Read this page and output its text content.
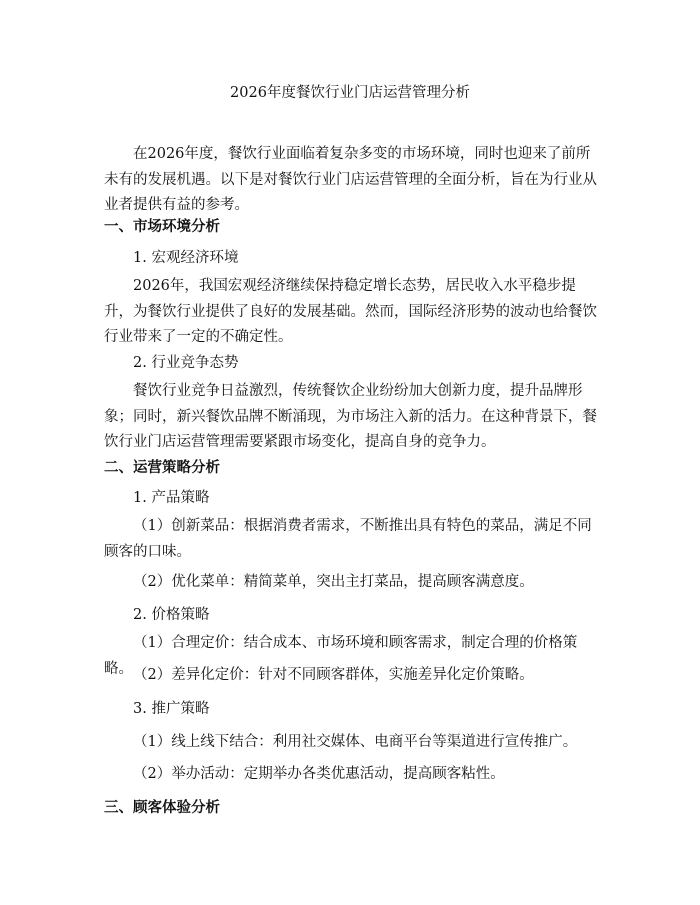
2026年度餐饮行业门店运营管理分析

在2026年度，餐饮行业面临着复杂多变的市场环境，同时也迎来了前所未有的发展机遇。以下是对餐饮行业门店运营管理的全面分析，旨在为行业从业者提供有益的参考。

一、市场环境分析
1. 宏观经济环境

2026年，我国宏观经济继续保持稳定增长态势，居民收入水平稳步提升，为餐饮行业提供了良好的发展基础。然而，国际经济形势的波动也给餐饮行业带来了一定的不确定性。

2. 行业竞争态势

餐饮行业竞争日益激烈，传统餐饮企业纷纷加大创新力度，提升品牌形象；同时，新兴餐饮品牌不断涌现，为市场注入新的活力。在这种背景下，餐饮行业门店运营管理需要紧跟市场变化，提高自身的竞争力。

二、运营策略分析
1. 产品策略

（1）创新菜品：根据消费者需求，不断推出具有特色的菜品，满足不同顾客的口味。

（2）优化菜单：精简菜单，突出主打菜品，提高顾客满意度。

2. 价格策略

（1）合理定价：结合成本、市场环境和顾客需求，制定合理的价格策略。 （2）差异化定价：针对不同顾客群体，实施差异化定价策略。

3. 推广策略

（1）线上线下结合：利用社交媒体、电商平台等渠道进行宣传推广。

（2）举办活动：定期举办各类优惠活动，提高顾客粘性。

三、顾客体验分析
